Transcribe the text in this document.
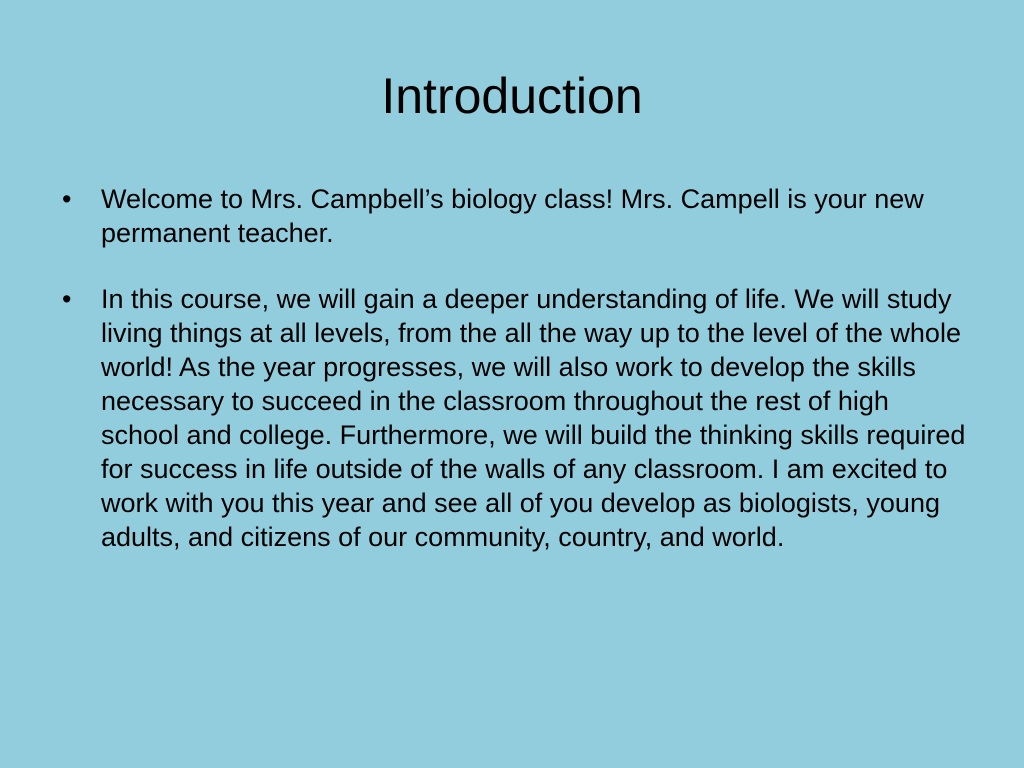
Introduction
• Welcome to Mrs. Campbell’s biology class! Mrs. Campell is your new permanent teacher.
• In this course, we will gain a deeper understanding of life. We will study living things at all levels, from the all the way up to the level of the whole world! As the year progresses, we will also work to develop the skills necessary to succeed in the classroom throughout the rest of high school and college. Furthermore, we will build the thinking skills required for success in life outside of the walls of any classroom. I am excited to work with you this year and see all of you develop as biologists, young adults, and citizens of our community, country, and world.
